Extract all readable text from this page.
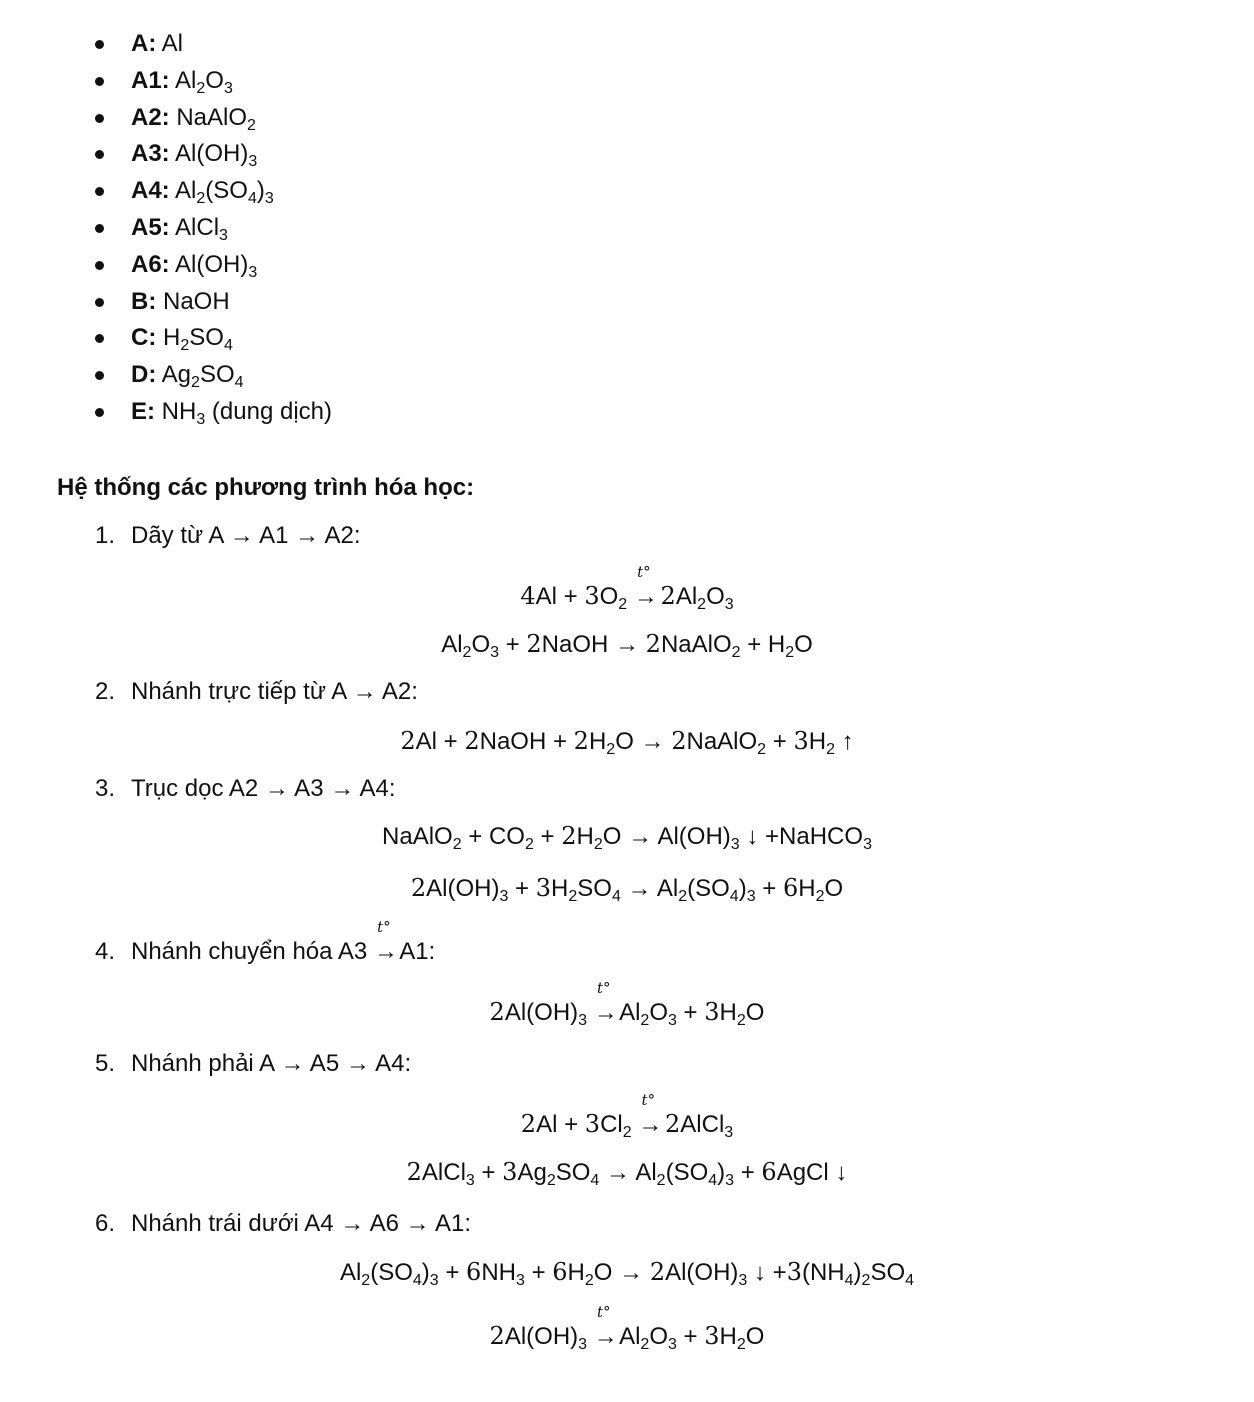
A: Al
A1: $Al_2O_3$
A2: NaAlO$_2$
A3: $Al(OH)_3$
A4: $Al_2(SO_4)_3$
A5: AlCl$_3$
A6: $Al(OH)_3$
B: NaOH
C: $H_2SO_4$
D: $Ag_2SO_4$
E: $NH_3$ (dung dịch)
Hệ thống các phương trình hóa học:
1. Dãy từ A → A1 → A2:
$4Al + 3O_2$
t°
→ $2Al_2O_3$
$Al_2O_3$ + 2NaOH → 2NaAlO$_2$ + $H_2O$
2. Nhánh trực tiếp từ A → A2:
2Al + 2NaOH + $2H_2O$ → 2NaAlO$_2$ + $3H_2$ ↑
3. Trục dọc A2 → A3 → A4:
NaAlO$_2$ + $CO_2 + 2H_2O \to Al(OH)_3$ ↓ +NaHCO$_3$
$2Al(OH)_3 + 3H_2SO_4 \to Al_2(SO_4)_3 + 6H_2O$
4. Nhánh chuyển hóa A3
t°
→ A1:
$2Al(OH)_3$
t°
→ $Al_2O_3 + 3H_2O$
5. Nhánh phải A → A5 → A4:
$2Al + 3Cl_2$
t°
→ 2AlCl$_3$
2AlCl$_3$ + $3Ag_2SO_4 \to Al_2(SO_4)_3$ + 6AgCl ↓
6. Nhánh trái dưới A4 → A6 → A1:
$Al_2(SO_4)_3 + 6NH_3 + 6H_2O \to 2Al(OH)_3$ ↓ $+3(NH_4)_2SO_4$
$2Al(OH)_3$
t°
→ $Al_2O_3 + 3H_2O$
